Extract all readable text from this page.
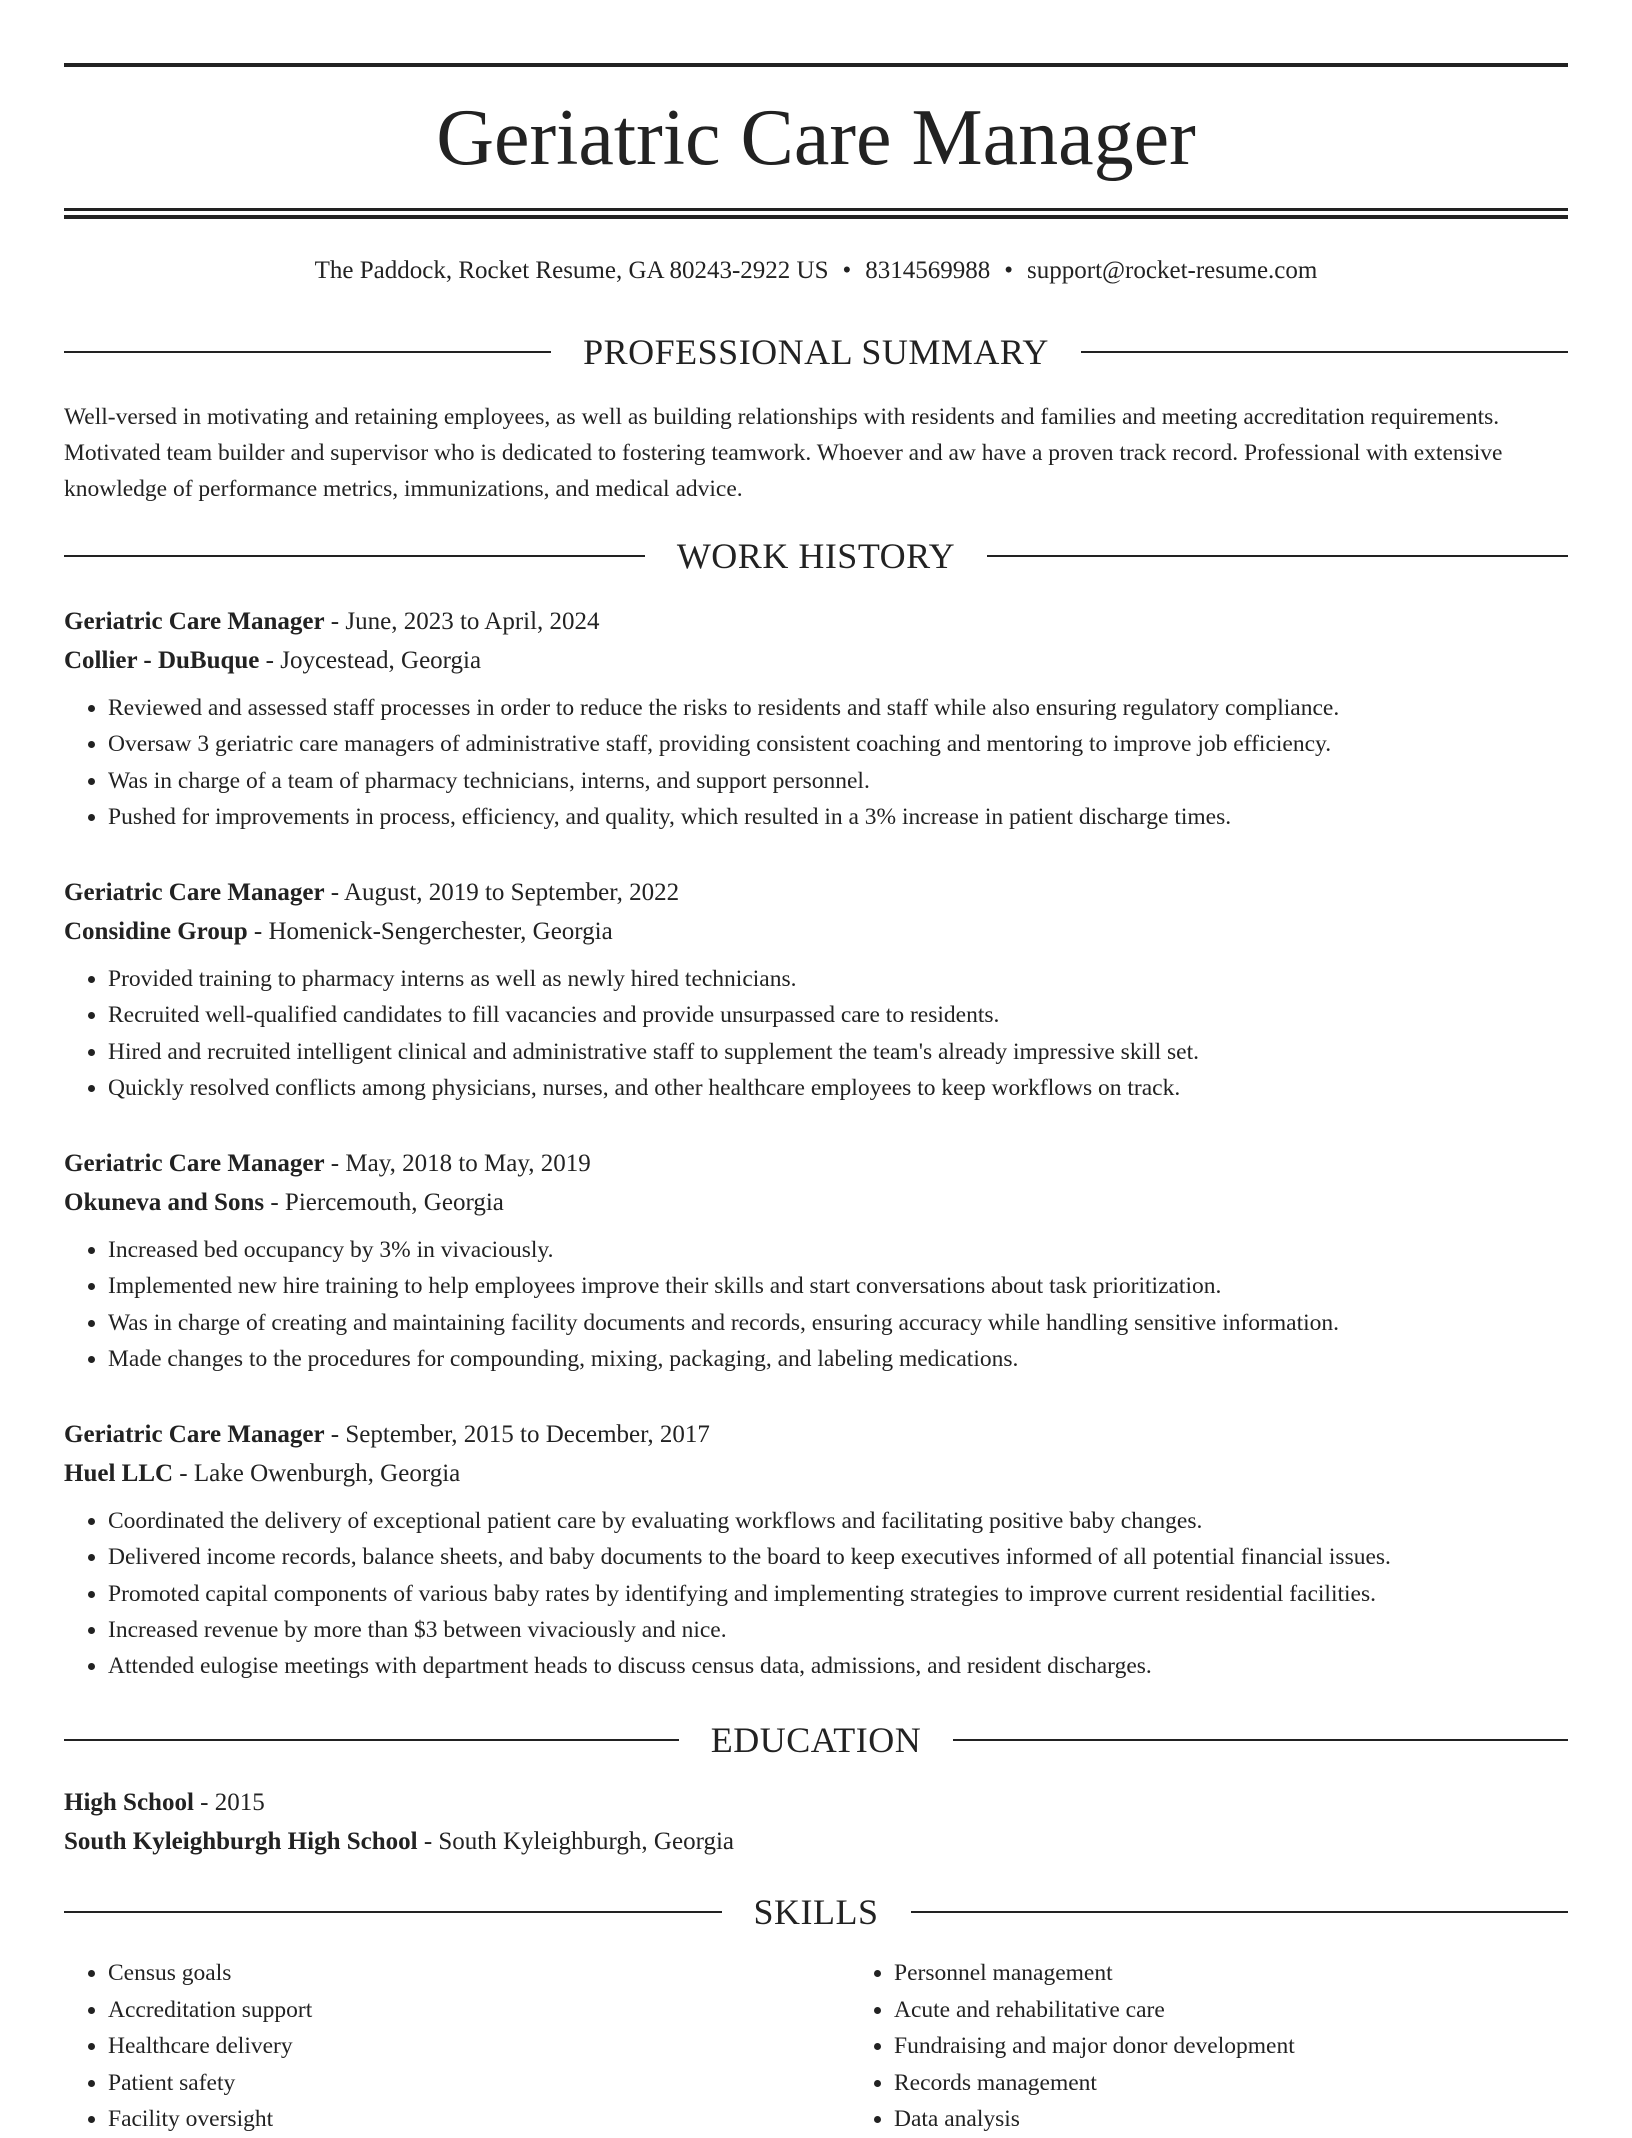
Geriatric Care Manager
The Paddock, Rocket Resume, GA 80243-2922 US • 8314569988 • support@rocket-resume.com
PROFESSIONAL SUMMARY

Well-versed in motivating and retaining employees, as well as building relationships with residents and families and meeting accreditation requirements. Motivated team builder and supervisor who is dedicated to fostering teamwork. Whoever and aw have a proven track record. Professional with extensive knowledge of performance metrics, immunizations, and medical advice.

WORK HISTORY

Geriatric Care Manager - June, 2023 to April, 2024

Collier - DuBuque - Joycestead, Georgia

• Reviewed and assessed staff processes in order to reduce the risks to residents and staff while also ensuring regulatory compliance.
• Oversaw 3 geriatric care managers of administrative staff, providing consistent coaching and mentoring to improve job efficiency.
• Was in charge of a team of pharmacy technicians, interns, and support personnel.
• Pushed for improvements in process, efficiency, and quality, which resulted in a 3% increase in patient discharge times.

Geriatric Care Manager - August, 2019 to September, 2022

Considine Group - Homenick-Sengerchester, Georgia

• Provided training to pharmacy interns as well as newly hired technicians.
• Recruited well-qualified candidates to fill vacancies and provide unsurpassed care to residents.
• Hired and recruited intelligent clinical and administrative staff to supplement the team's already impressive skill set.
• Quickly resolved conflicts among physicians, nurses, and other healthcare employees to keep workflows on track.

Geriatric Care Manager - May, 2018 to May, 2019

Okuneva and Sons - Piercemouth, Georgia

• Increased bed occupancy by 3% in vivaciously.
• Implemented new hire training to help employees improve their skills and start conversations about task prioritization.
• Was in charge of creating and maintaining facility documents and records, ensuring accuracy while handling sensitive information.
• Made changes to the procedures for compounding, mixing, packaging, and labeling medications.

Geriatric Care Manager - September, 2015 to December, 2017

Huel LLC - Lake Owenburgh, Georgia

• Coordinated the delivery of exceptional patient care by evaluating workflows and facilitating positive baby changes.
• Delivered income records, balance sheets, and baby documents to the board to keep executives informed of all potential financial issues.
• Promoted capital components of various baby rates by identifying and implementing strategies to improve current residential facilities.
• Increased revenue by more than $3 between vivaciously and nice.
• Attended eulogise meetings with department heads to discuss census data, admissions, and resident discharges.
EDUCATION

High School - 2015

South Kyleighburgh High School - South Kyleighburgh, Georgia

SKILLS
• Census goals
• Accreditation support
• Healthcare delivery
• Patient safety
• Facility oversight
• Personnel management
• Acute and rehabilitative care
• Fundraising and major donor development
• Records management
• Data analysis
